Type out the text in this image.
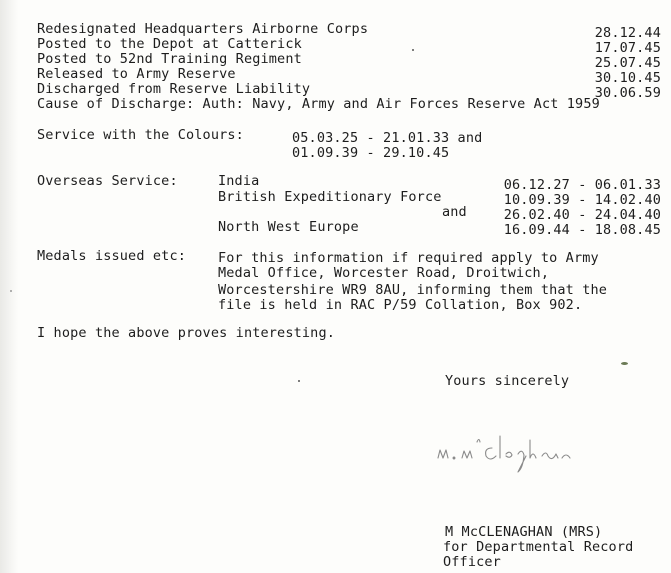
Redesignated Headquarters Airborne Corps	28.12.44
Posted to the Depot at Catterick	17.07.45
Posted to 52nd Training Regiment	25.07.45
Released to Army Reserve	30.10.45
Discharged from Reserve Liability	30.06.59
Cause of Discharge: Auth: Navy, Army and Air Forces Reserve Act 1959
Service with the Colours:	05.03.25 - 21.01.33 and
01.09.39 - 29.10.45
Overseas Service:	India	06.12.27 - 06.01.33
British Expeditionary Force	10.09.39 - 14.02.40
and	26.02.40 - 24.04.40
North West Europe	16.09.44 - 18.08.45
Medals issued etc: For this information if required apply to Army
Medal Office, Worcester Road, Droitwich,
Worcestershire WR9 8AU, informing them that the
file is held in RAC P/59 Collation, Box 902.
I hope the above proves interesting.
Yours sincerely
M McCLENAGHAN (MRS)
for Departmental Record
Officer
